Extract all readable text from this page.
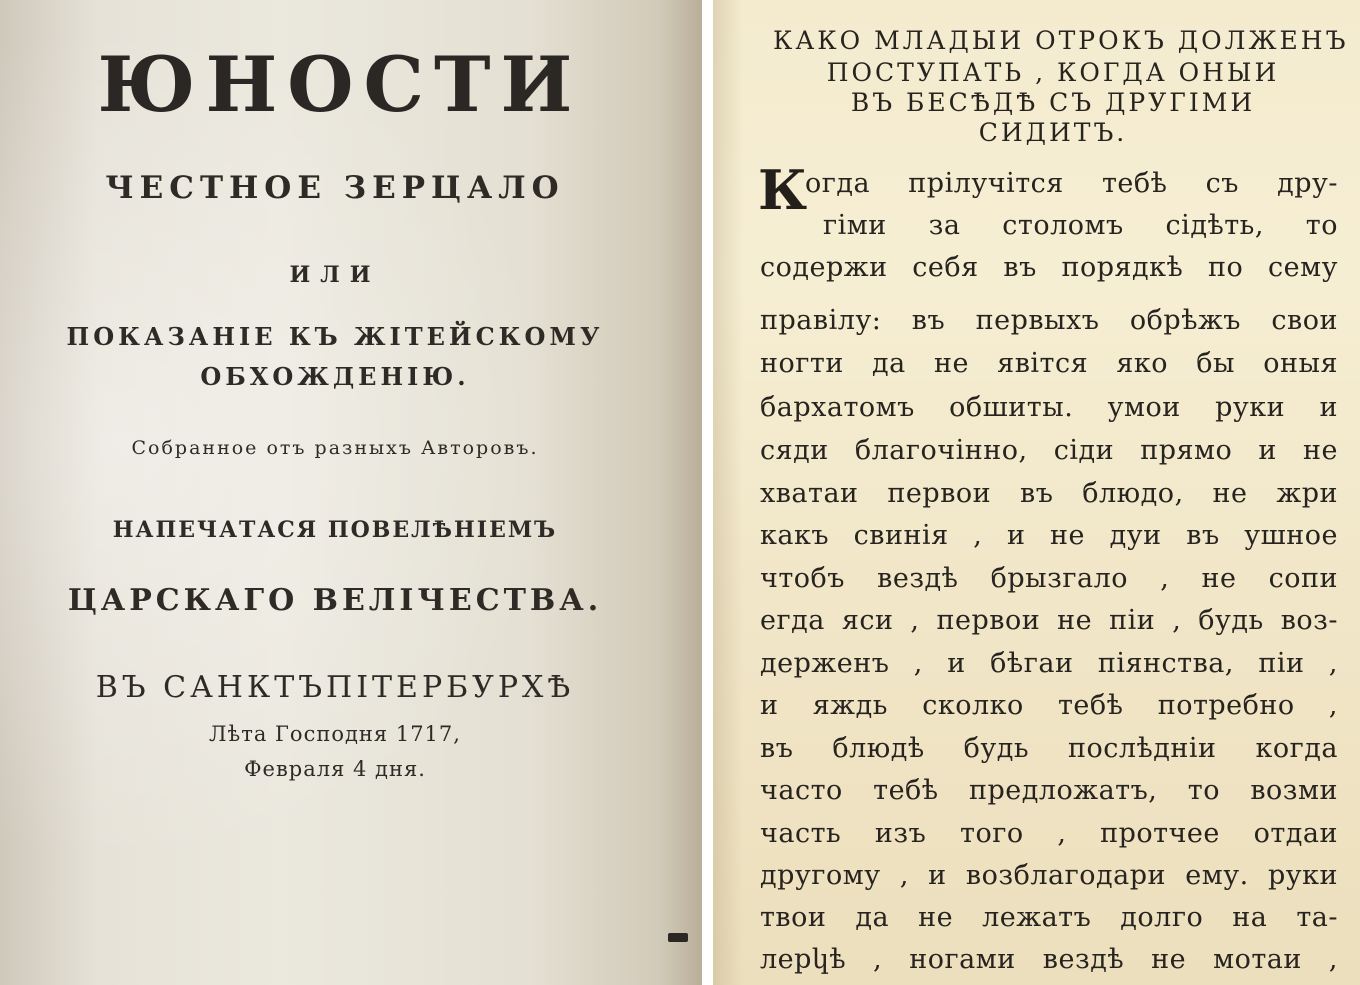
ЮНОСТИ

ЧЕСТНОЕ ЗЕРЦАЛО

ИЛИ

ПОКАЗАНІЕ КЪ ЖІТЕЙСКОМУ

ОБХОЖДЕНІЮ.

Собранное отъ разныхъ Авторовъ.

НАПЕЧАТАСЯ ПОВЕЛѢНІЕМЪ

ЦАРСКАГО ВЕЛІЧЕСТВА.

ВЪ САНКТЪПІТЕРБУРХѢ

Лѣта Господня 1717,

Февраля 4 дня.

КАКО МЛАДЫИ ОТРОКЪ ДОЛЖЕНЪ

ПОСТУПАТЬ , КОГДА ОНЫИ

ВЪ БЕСѢДѢ СЪ ДРУГІМИ

СИДИТЪ.

К

огда прілучітся тебѣ съ дру-

гіми за столомъ сідѣть, то

содержи себя въ порядкѣ по сему

правілу: въ первыхъ обрѣжъ свои

ногти да не явітся яко бы оныя

бархатомъ обшиты. умои руки и

сяди благочінно, сіди прямо и не

хватаи первои въ блюдо, не жри

какъ свинія , и не дуи въ ушное

чтобъ вездѣ брызгало , не сопи

егда яси , первои не піи , будь воз-

держенъ , и бѣгаи піянства, піи ,

и яждь сколко тебѣ потребно ,

въ блюдѣ будь послѣдніи когда

часто тебѣ предложатъ, то возми

часть изъ того , протчее отдаи

другому , и возблагодари ему. руки

твои да не лежатъ долго на та-

лерկѣ , ногами вездѣ не мотаи ,
